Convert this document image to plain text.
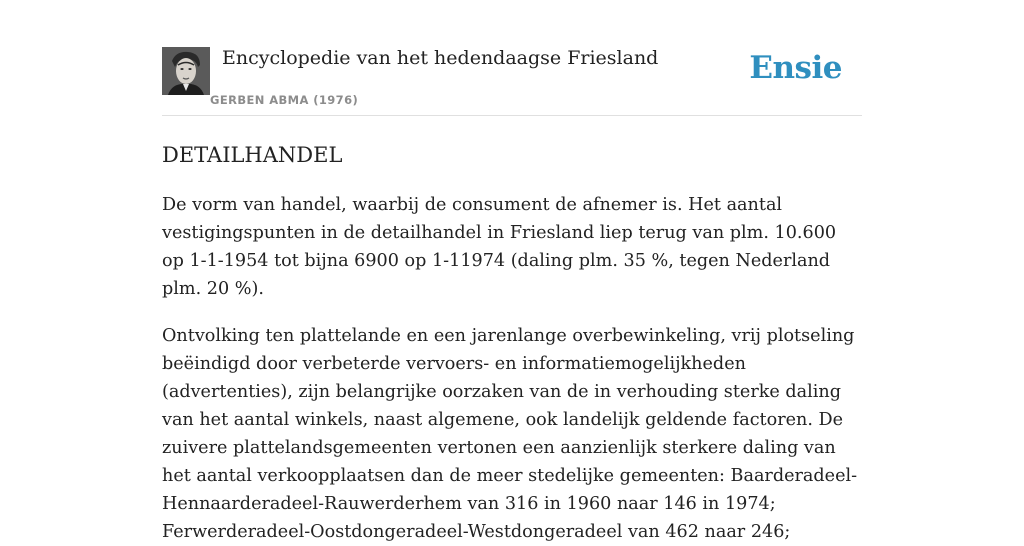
Encyclopedie van het hedendaagse Friesland
GERBEN ABMA (1976)
Ensie
DETAILHANDEL

De vorm van handel, waarbij de consument de afnemer is. Het aantal vestigingspunten in de detailhandel in Friesland liep terug van plm. 10.600 op 1-1-1954 tot bijna 6900 op 1-11974 (daling plm. 35 %, tegen Nederland plm. 20 %).

Ontvolking ten plattelande en een jarenlange overbewinkeling, vrij plotseling beëindigd door verbeterde vervoers- en informatiemogelijkheden (advertenties), zijn belangrijke oorzaken van de in verhouding sterke daling van het aantal winkels, naast algemene, ook landelijk geldende factoren. De zuivere plattelandsgemeenten vertonen een aanzienlijk sterkere daling van het aantal verkoopplaatsen dan de meer stedelijke gemeenten: Baarderadeel-Hennaarderadeel-Rauwerderhem van 316 in 1960 naar 146 in 1974; Ferwerderadeel-Oostdongeradeel-Westdongeradeel van 462 naar 246;
